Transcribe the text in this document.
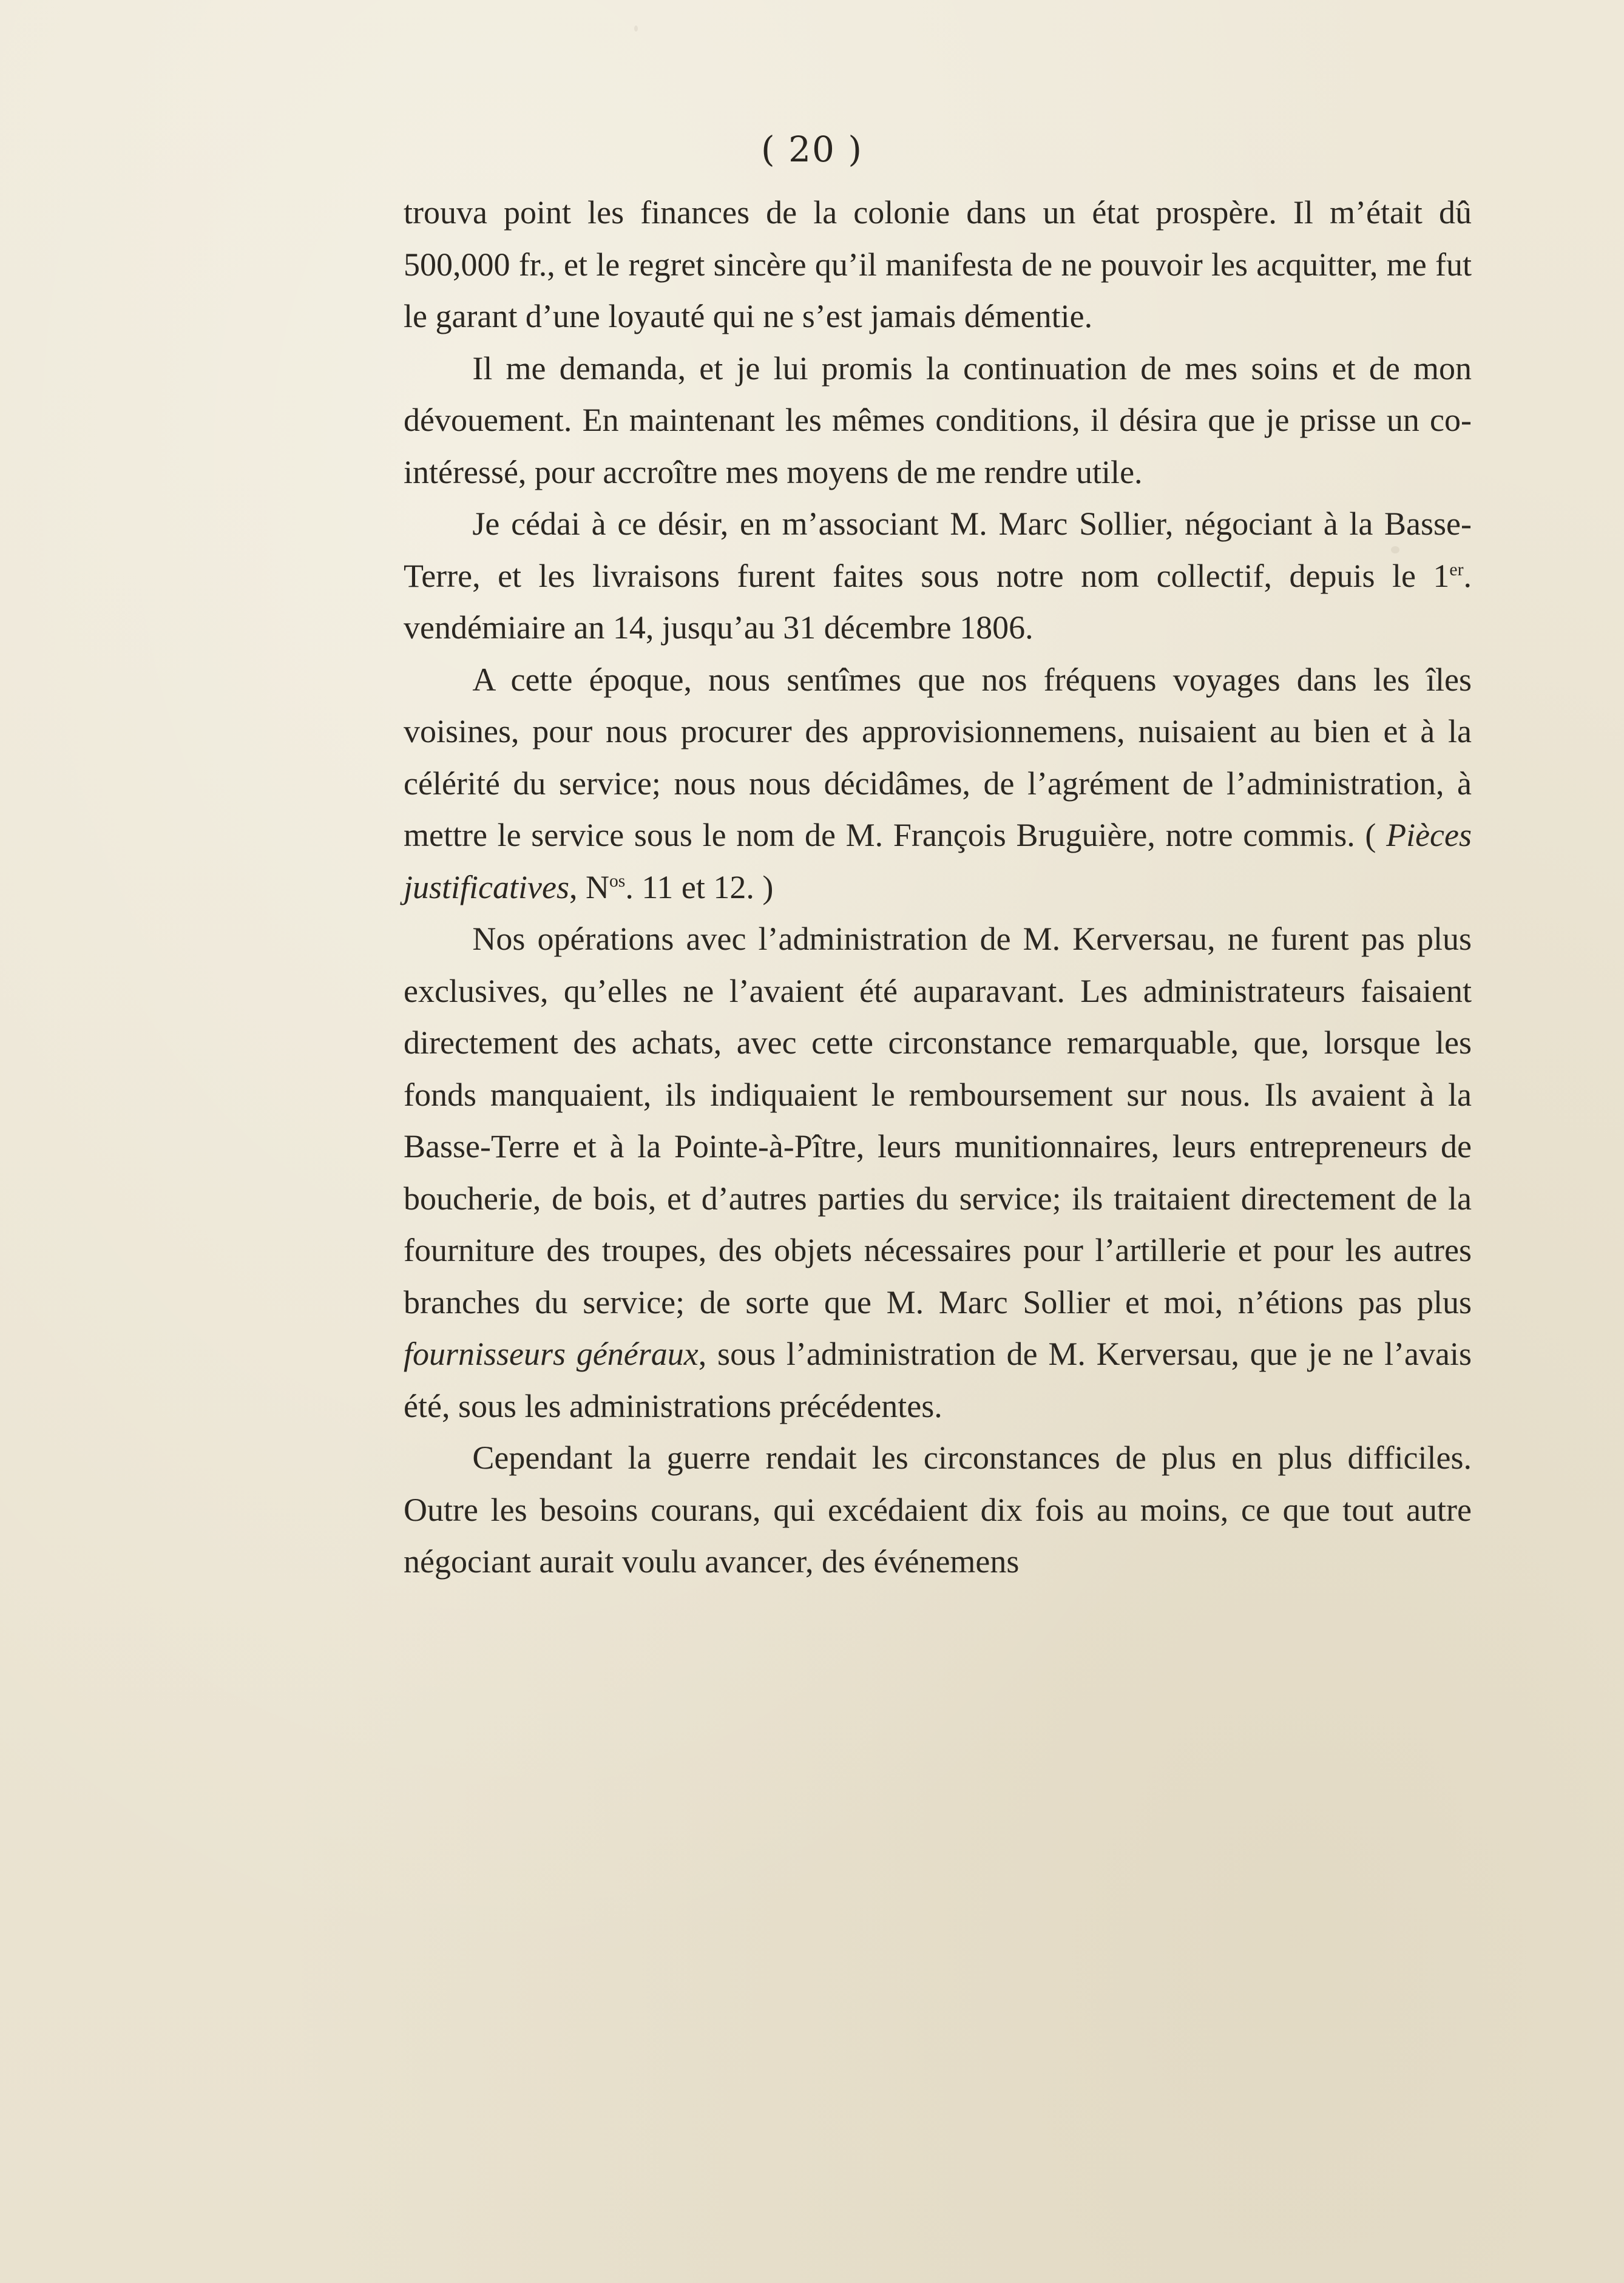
( 20 )

trouva point les finances de la colonie dans un état prospère. Il m’était dû 500,000 fr., et le regret sincère qu’il manifesta de ne pouvoir les acquitter, me fut le garant d’une loyauté qui ne s’est jamais démentie.

Il me demanda, et je lui promis la continuation de mes soins et de mon dévouement. En maintenant les mêmes conditions, il désira que je prisse un co-intéressé, pour accroître mes moyens de me rendre utile.

Je cédai à ce désir, en m’associant M. Marc Sollier, négociant à la Basse-Terre, et les livraisons furent faites sous notre nom collectif, depuis le 1er. vendémiaire an 14, jusqu’au 31 décembre 1806.

A cette époque, nous sentîmes que nos fréquens voyages dans les îles voisines, pour nous procurer des approvisionnemens, nuisaient au bien et à la célérité du service; nous nous décidâmes, de l’agrément de l’administration, à mettre le service sous le nom de M. François Bruguière, notre commis. ( Pièces justificatives, $N^{os}$. 11 et 12. )

Nos opérations avec l’administration de M. Kerversau, ne furent pas plus exclusives, qu’elles ne l’avaient été auparavant. Les administrateurs faisaient directement des achats, avec cette circonstance remarquable, que, lorsque les fonds manquaient, ils indiquaient le remboursement sur nous. Ils avaient à la Basse-Terre et à la Pointe-à-Pître, leurs munitionnaires, leurs entrepreneurs de boucherie, de bois, et d’autres parties du service; ils traitaient directement de la fourniture des troupes, des objets nécessaires pour l’artillerie et pour les autres branches du service; de sorte que M. Marc Sollier et moi, n’étions pas plus fournisseurs généraux, sous l’administration de M. Kerversau, que je ne l’avais été, sous les administrations précédentes.

Cependant la guerre rendait les circonstances de plus en plus difficiles. Outre les besoins courans, qui excédaient dix fois au moins, ce que tout autre négociant aurait voulu avancer, des événemens
